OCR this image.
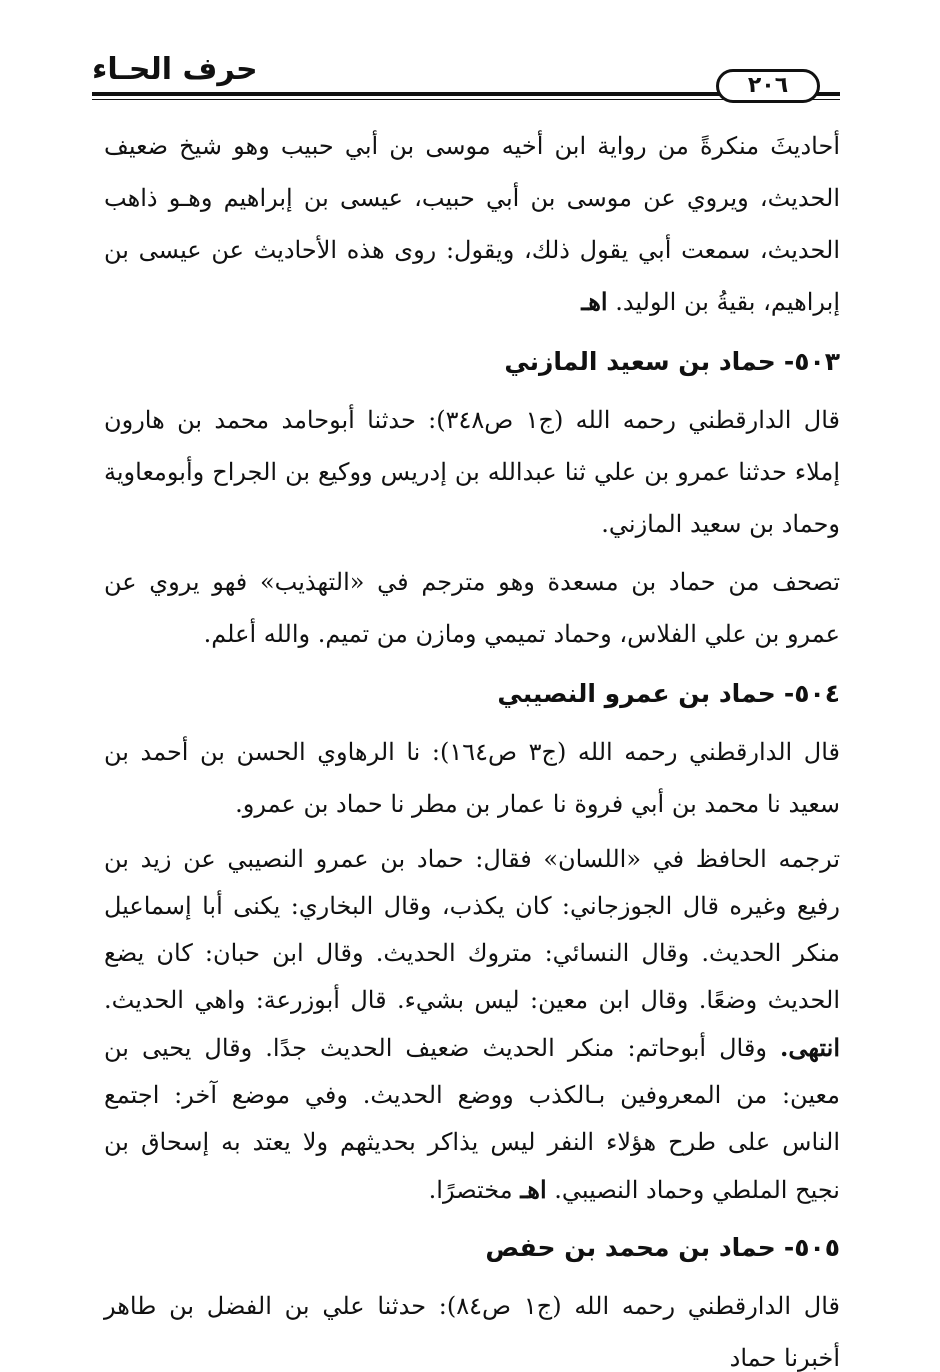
حرف الحـاء	٢٠٦

أحاديثَ منكرةً من رواية ابن أخيه موسى بن أبي حبيب وهو شيخ ضعيف الحديث، ويروي عن موسى بن أبي حبيب، عيسى بن إبراهيم وهـو ذاهب الحديث، سمعت أبي يقول ذلك، ويقول: روى هذه الأحاديث عن عيسى بن إبراهيم، بقيةُ بن الوليد. اهـ

٥٠٣-حماد بن سعيد المازني

قال الدارقطني رحمه الله (ج١ ص٣٤٨): حدثنا أبوحامد محمد بن هارون إملاء حدثنا عمرو بن علي ثنا عبدالله بن إدريس ووكيع بن الجراح وأبومعاوية وحماد بن سعيد المازني.

تصحف من حماد بن مسعدة وهو مترجم في «التهذيب» فهو يروي عن عمرو بن علي الفلاس، وحماد تميمي ومازن من تميم. والله أعلم.

٥٠٤-حماد بن عمرو النصيبي

قال الدارقطني رحمه الله (ج٣ ص١٦٤): نا الرهاوي الحسن بن أحمد بن سعيد نا محمد بن أبي فروة نا عمار بن مطر نا حماد بن عمرو.

ترجمه الحافظ في «اللسان» فقال: حماد بن عمرو النصيبي عن زيد بن رفيع وغيره قال الجوزجاني: كان يكذب، وقال البخاري: يكنى أبا إسماعيل منكر الحديث. وقال النسائي: متروك الحديث. وقال ابن حبان: كان يضع الحديث وضعًا. وقال ابن معين: ليس بشيء. قال أبوزرعة: واهي الحديث. انتهى. وقال أبوحاتم: منكر الحديث ضعيف الحديث جدًا. وقال يحيى بن معين: من المعروفين بـالكذب ووضع الحديث. وفي موضع آخر: اجتمع الناس على طرح هؤلاء النفر ليس يذاكر بحديثهم ولا يعتد به إسحاق بن نجيح الملطي وحماد النصيبي. اهـ مختصرًا.

٥٠٥-حماد بن محمد بن حفص

قال الدارقطني رحمه الله (ج١ ص٨٤): حدثنا علي بن الفضل بن طاهر أخبرنا حماد
